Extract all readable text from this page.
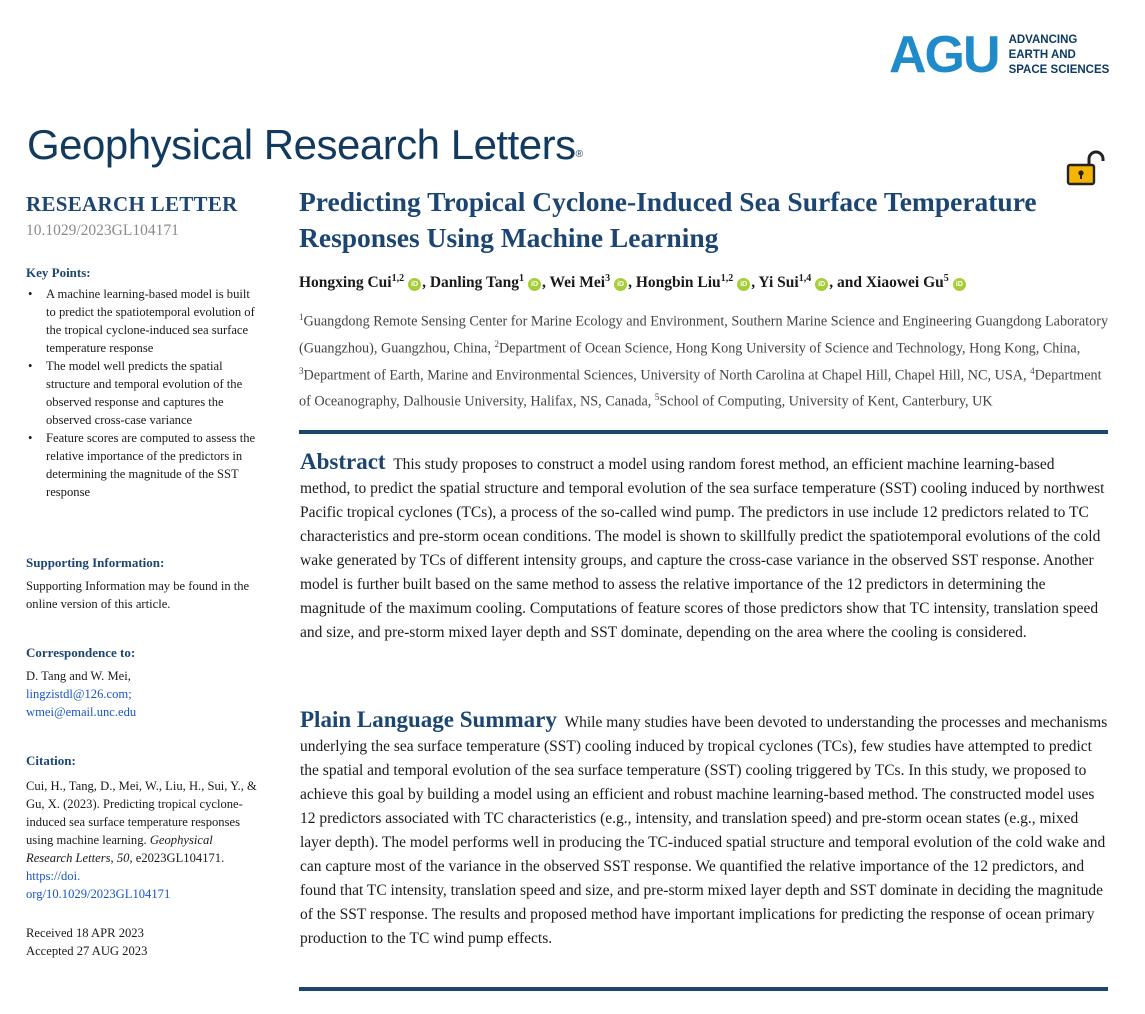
AGU ADVANCING
EARTH AND
SPACE SCIENCES
Geophysical Research Letters®
RESEARCH LETTER
10.1029/2023GL104171
Key Points:
• A machine learning-based model is built to predict the spatiotemporal evolution of the tropical cyclone-induced sea surface temperature response
• The model well predicts the spatial structure and temporal evolution of the observed response and captures the observed cross-case variance
• Feature scores are computed to assess the relative importance of the predictors in determining the magnitude of the SST response
Supporting Information:
Supporting Information may be found in the online version of this article.
Correspondence to:
D. Tang and W. Mei,
lingzistdl@126.com;
wmei@email.unc.edu
Citation:
Cui, H., Tang, D., Mei, W., Liu, H., Sui, Y., & Gu, X. (2023). Predicting tropical cyclone-induced sea surface temperature responses using machine learning. Geophysical Research Letters, 50, e2023GL104171. https://doi.
org/10.1029/2023GL104171
Received 18 APR 2023
Accepted 27 AUG 2023
Predicting Tropical Cyclone-Induced Sea Surface Temperature Responses Using Machine Learning
Hongxing Cui$^{1,2}$iD , Danling Tang$^1$iD , Wei Mei$^3$iD , Hongbin Liu$^{1,2}$iD , Yi Sui$^{1,4}$iD , and Xiaowei Gu$^5$iD
$^1$Guangdong Remote Sensing Center for Marine Ecology and Environment, Southern Marine Science and Engineering Guangdong Laboratory (Guangzhou), Guangzhou, China, $^2$Department of Ocean Science, Hong Kong University of Science and Technology, Hong Kong, China, $^3$Department of Earth, Marine and Environmental Sciences, University of North Carolina at Chapel Hill, Chapel Hill, NC, USA, $^4$Department of Oceanography, Dalhousie University, Halifax, NS, Canada, $^5$School of Computing, University of Kent, Canterbury, UK
Abstract This study proposes to construct a model using random forest method, an efficient machine learning-based method, to predict the spatial structure and temporal evolution of the sea surface temperature (SST) cooling induced by northwest Pacific tropical cyclones (TCs), a process of the so-called wind pump. The predictors in use include 12 predictors related to TC characteristics and pre-storm ocean conditions. The model is shown to skillfully predict the spatiotemporal evolutions of the cold wake generated by TCs of different intensity groups, and capture the cross-case variance in the observed SST response. Another model is further built based on the same method to assess the relative importance of the 12 predictors in determining the magnitude of the maximum cooling. Computations of feature scores of those predictors show that TC intensity, translation speed and size, and pre-storm mixed layer depth and SST dominate, depending on the area where the cooling is considered.
Plain Language Summary While many studies have been devoted to understanding the processes and mechanisms underlying the sea surface temperature (SST) cooling induced by tropical cyclones (TCs), few studies have attempted to predict the spatial and temporal evolution of the sea surface temperature (SST) cooling triggered by TCs. In this study, we proposed to achieve this goal by building a model using an efficient and robust machine learning-based method. The constructed model uses 12 predictors associated with TC characteristics (e.g., intensity, and translation speed) and pre-storm ocean states (e.g., mixed layer depth). The model performs well in producing the TC-induced spatial structure and temporal evolution of the cold wake and can capture most of the variance in the observed SST response. We quantified the relative importance of the 12 predictors, and found that TC intensity, translation speed and size, and pre-storm mixed layer depth and SST dominate in deciding the magnitude of the SST response. The results and proposed method have important implications for predicting the response of ocean primary production to the TC wind pump effects.
